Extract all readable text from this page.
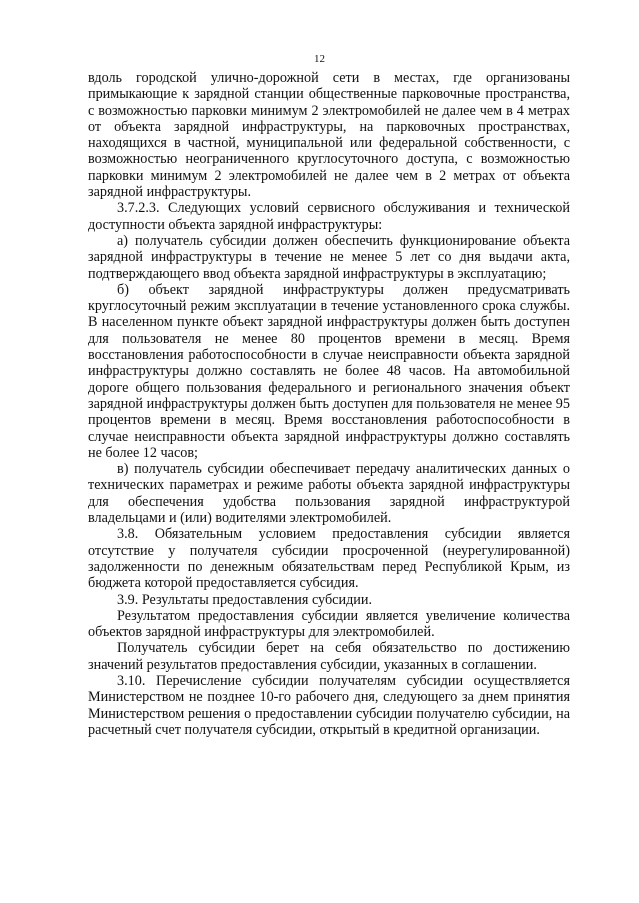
12

вдоль городской улично-дорожной сети в местах, где организованы примыкающие к зарядной станции общественные парковочные пространства, с возможностью парковки минимум 2 электромобилей не далее чем в 4 метрах от объекта зарядной инфраструктуры, на парковочных пространствах, находящихся в частной, муниципальной или федеральной собственности, с возможностью неограниченного круглосуточного доступа, с возможностью парковки минимум 2 электромобилей не далее чем в 2 метрах от объекта зарядной инфраструктуры.

3.7.2.3. Следующих условий сервисного обслуживания и технической доступности объекта зарядной инфраструктуры:

а) получатель субсидии должен обеспечить функционирование объекта зарядной инфраструктуры в течение не менее 5 лет со дня выдачи акта, подтверждающего ввод объекта зарядной инфраструктуры в эксплуатацию;

б) объект зарядной инфраструктуры должен предусматривать круглосуточный режим эксплуатации в течение установленного срока службы. В населенном пункте объект зарядной инфраструктуры должен быть доступен для пользователя не менее 80 процентов времени в месяц. Время восстановления работоспособности в случае неисправности объекта зарядной инфраструктуры должно составлять не более 48 часов. На автомобильной дороге общего пользования федерального и регионального значения объект зарядной инфраструктуры должен быть доступен для пользователя не менее 95 процентов времени в месяц. Время восстановления работоспособности в случае неисправности объекта зарядной инфраструктуры должно составлять не более 12 часов;

в) получатель субсидии обеспечивает передачу аналитических данных о технических параметрах и режиме работы объекта зарядной инфраструктуры для обеспечения удобства пользования зарядной инфраструктурой владельцами и (или) водителями электромобилей.

3.8. Обязательным условием предоставления субсидии является отсутствие у получателя субсидии просроченной (неурегулированной) задолженности по денежным обязательствам перед Республикой Крым, из бюджета которой предоставляется субсидия.

3.9. Результаты предоставления субсидии.

Результатом предоставления субсидии является увеличение количества объектов зарядной инфраструктуры для электромобилей.

Получатель субсидии берет на себя обязательство по достижению значений результатов предоставления субсидии, указанных в соглашении.

3.10. Перечисление субсидии получателям субсидии осуществляется Министерством не позднее 10-го рабочего дня, следующего за днем принятия Министерством решения о предоставлении субсидии получателю субсидии, на расчетный счет получателя субсидии, открытый в кредитной организации.
